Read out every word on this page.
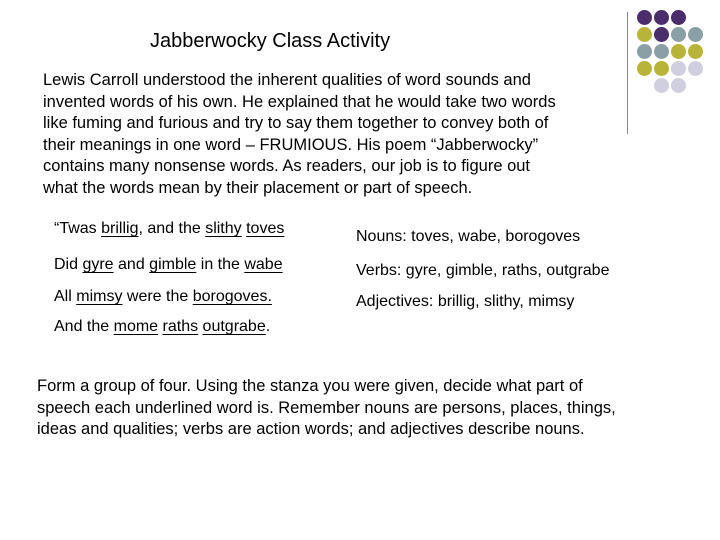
Jabberwocky Class Activity

Lewis Carroll understood the inherent qualities of word sounds and

invented words of his own. He explained that he would take two words

like fuming and furious and try to say them together to convey both of

their meanings in one word – FRUMIOUS. His poem “Jabberwocky”

contains many nonsense words. As readers, our job is to figure out

what the words mean by their placement or part of speech.

“Twas brillig, and the slithy toves
Did gyre and gimble in the wabe
All mimsy were the borogoves.
And the mome raths outgrabe.
Nouns: toves, wabe, borogoves
Verbs: gyre, gimble, raths, outgrabe
Adjectives: brillig, slithy, mimsy

Form a group of four. Using the stanza you were given, decide what part of

speech each underlined word is. Remember nouns are persons, places, things,

ideas and qualities; verbs are action words; and adjectives describe nouns.
